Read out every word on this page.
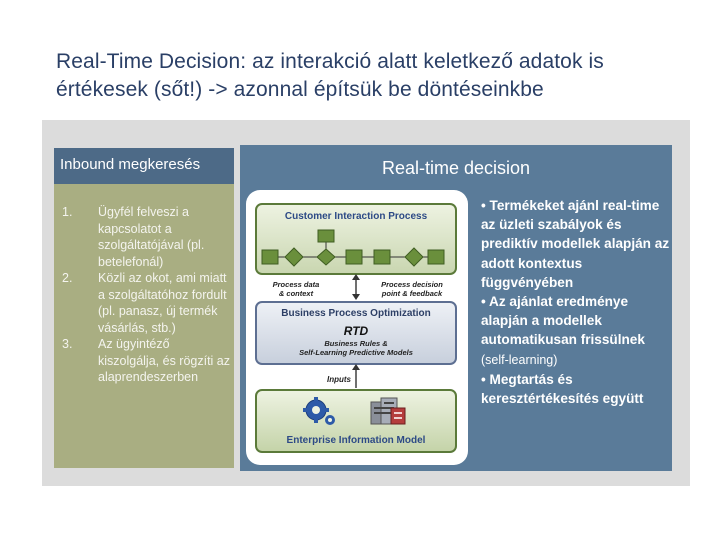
Real-Time Decision: az interakció alatt keletkező adatok is
értékesek (sőt!) -> azonnal építsük be döntéseinkbe
Inbound megkeresés
1. Ügyfél felveszi a kapcsolatot a szolgáltatójával (pl. betelefonál)
2. Közli az okot, ami miatt a szolgáltatóhoz fordult (pl. panasz, új termék vásárlás, stb.)
3. Az ügyintéző kiszolgálja, és rögzíti az alaprendeszerben
Real-time decision
Customer Interaction Process
Process data
& context
Process decision
point & feedback
Business Process Optimization
RTD
Business Rules &
Self-Learning Predictive Models
Inputs
Enterprise Information Model
• Termékeket ajánl real-time az üzleti szabályok és prediktív modellek alapján az adott kontextus függvényében
• Az ajánlat eredménye alapján a modellek automatikusan frissülnek (self-learning)
• Megtartás és keresztértékesítés együtt
